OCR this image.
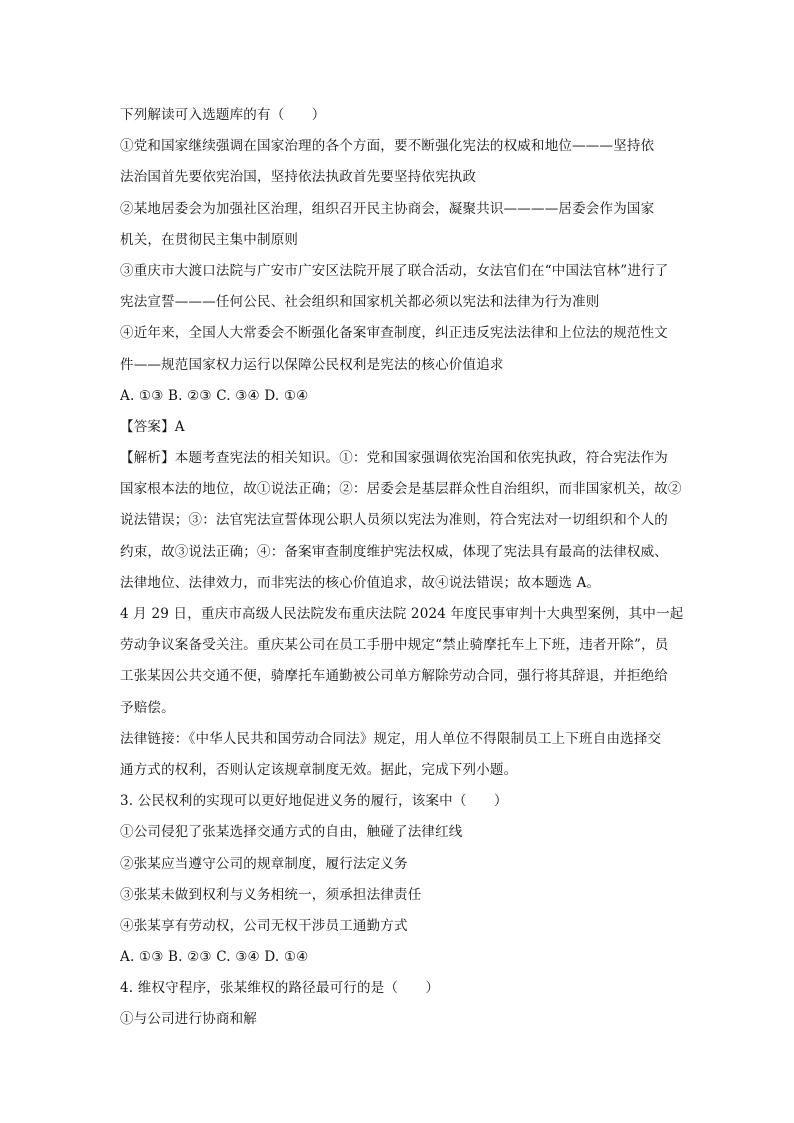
下列解读可入选题库的有（　　）
①党和国家继续强调在国家治理的各个方面，要不断强化宪法的权威和地位———坚持依
法治国首先要依宪治国，坚持依法执政首先要坚持依宪执政
②某地居委会为加强社区治理，组织召开民主协商会，凝聚共识————居委会作为国家
机关，在贯彻民主集中制原则
③重庆市大渡口法院与广安市广安区法院开展了联合活动，女法官们在“中国法官林”进行了
宪法宣誓———任何公民、社会组织和国家机关都必须以宪法和法律为行为准则
④近年来，全国人大常委会不断强化备案审查制度，纠正违反宪法法律和上位法的规范性文
件——规范国家权力运行以保障公民权利是宪法的核心价值追求
A. ①③ B. ②③ C. ③④ D. ①④
【答案】A
【解析】本题考查宪法的相关知识。①：党和国家强调依宪治国和依宪执政，符合宪法作为
国家根本法的地位，故①说法正确；②：居委会是基层群众性自治组织，而非国家机关，故②
说法错误；③：法官宪法宣誓体现公职人员须以宪法为准则，符合宪法对一切组织和个人的
约束，故③说法正确；④：备案审查制度维护宪法权威，体现了宪法具有最高的法律权威、
法律地位、法律效力，而非宪法的核心价值追求，故④说法错误；故本题选 A。
4 月 29 日，重庆市高级人民法院发布重庆法院 2024 年度民事审判十大典型案例，其中一起
劳动争议案备受关注。重庆某公司在员工手册中规定“禁止骑摩托车上下班，违者开除”，员
工张某因公共交通不便，骑摩托车通勤被公司单方解除劳动合同，强行将其辞退，并拒绝给
予赔偿。
法律链接：《中华人民共和国劳动合同法》规定，用人单位不得限制员工上下班自由选择交
通方式的权利，否则认定该规章制度无效。据此，完成下列小题。
3. 公民权利的实现可以更好地促进义务的履行，该案中（　　）
①公司侵犯了张某选择交通方式的自由，触碰了法律红线
②张某应当遵守公司的规章制度，履行法定义务
③张某未做到权利与义务相统一，须承担法律责任
④张某享有劳动权，公司无权干涉员工通勤方式
A. ①③ B. ②③ C. ③④ D. ①④
4. 维权守程序，张某维权的路径最可行的是（　　）
①与公司进行协商和解
